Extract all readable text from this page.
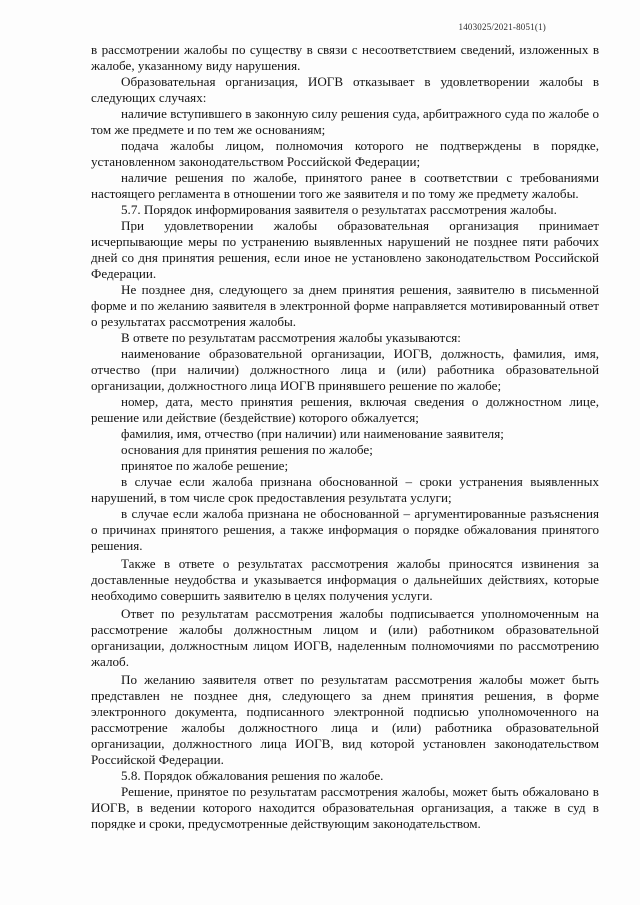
1403025/2021-8051(1)

в рассмотрении жалобы по существу в связи с несоответствием сведений, изложенных в жалобе, указанному виду нарушения.

Образовательная организация, ИОГВ отказывает в удовлетворении жалобы в следующих случаях:

наличие вступившего в законную силу решения суда, арбитражного суда по жалобе о том же предмете и по тем же основаниям;

подача жалобы лицом, полномочия которого не подтверждены в порядке, установленном законодательством Российской Федерации;

наличие решения по жалобе, принятого ранее в соответствии с требованиями настоящего регламента в отношении того же заявителя и по тому же предмету жалобы.

5.7. Порядок информирования заявителя о результатах рассмотрения жалобы.

При удовлетворении жалобы образовательная организация принимает исчерпывающие меры по устранению выявленных нарушений не позднее пяти рабочих дней со дня принятия решения, если иное не установлено законодательством Российской Федерации.

Не позднее дня, следующего за днем принятия решения, заявителю в письменной форме и по желанию заявителя в электронной форме направляется мотивированный ответ о результатах рассмотрения жалобы.

В ответе по результатам рассмотрения жалобы указываются:

наименование образовательной организации, ИОГВ, должность, фамилия, имя, отчество (при наличии) должностного лица и (или) работника образовательной организации, должностного лица ИОГВ принявшего решение по жалобе;

номер, дата, место принятия решения, включая сведения о должностном лице, решение или действие (бездействие) которого обжалуется;

фамилия, имя, отчество (при наличии) или наименование заявителя;

основания для принятия решения по жалобе;

принятое по жалобе решение;

в случае если жалоба признана обоснованной – сроки устранения выявленных нарушений, в том числе срок предоставления результата услуги;

в случае если жалоба признана не обоснованной – аргументированные разъяснения о причинах принятого решения, а также информация о порядке обжалования принятого решения.

Также в ответе о результатах рассмотрения жалобы приносятся извинения за доставленные неудобства и указывается информация о дальнейших действиях, которые необходимо совершить заявителю в целях получения услуги.

Ответ по результатам рассмотрения жалобы подписывается уполномоченным на рассмотрение жалобы должностным лицом и (или) работником образовательной организации, должностным лицом ИОГВ, наделенным полномочиями по рассмотрению жалоб.

По желанию заявителя ответ по результатам рассмотрения жалобы может быть представлен не позднее дня, следующего за днем принятия решения, в форме электронного документа, подписанного электронной подписью уполномоченного на рассмотрение жалобы должностного лица и (или) работника образовательной организации, должностного лица ИОГВ, вид которой установлен законодательством Российской Федерации.

5.8. Порядок обжалования решения по жалобе.

Решение, принятое по результатам рассмотрения жалобы, может быть обжаловано в ИОГВ, в ведении которого находится образовательная организация, а также в суд в порядке и сроки, предусмотренные действующим законодательством.
